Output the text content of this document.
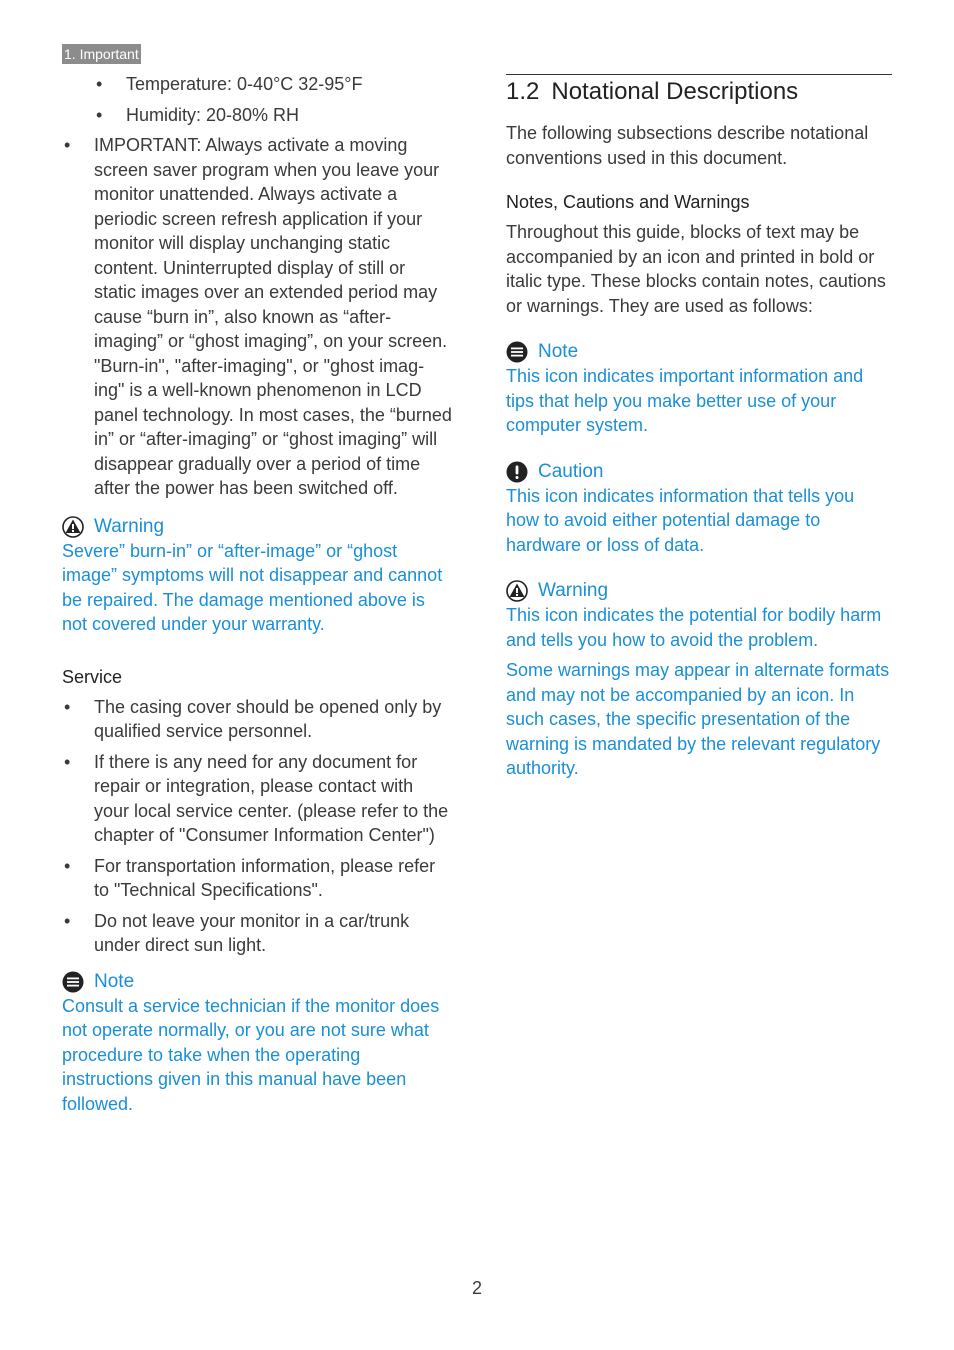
1. Important
• Temperature: 0-40°C 32-95°F
• Humidity: 20-80% RH
• IMPORTANT: Always activate a moving screen saver program when you leave your monitor unattended. Always activate a periodic screen refresh application if your monitor will display unchanging static content. Uninterrupted display of still or static images over an extended period may cause “burn in”, also known as “after-imaging” or “ghost imaging”, on your screen.
"Burn-in", "after-imaging", or "ghost imag-ing" is a well-known phenomenon in LCD panel technology. In most cases, the “burned in” or “after-imaging” or “ghost imaging” will disappear gradually over a period of time after the power has been switched off.
Warning
Severe” burn-in” or “after-image” or “ghost image” symptoms will not disappear and cannot be repaired. The damage mentioned above is not covered under your warranty.
Service
• The casing cover should be opened only by qualified service personnel.
• If there is any need for any document for repair or integration, please contact with your local service center. (please refer to the chapter of "Consumer Information Center")
• For transportation information, please refer to "Technical Specifications".
• Do not leave your monitor in a car/trunk under direct sun light.
Note
Consult a service technician if the monitor does not operate normally, or you are not sure what procedure to take when the operating instructions given in this manual have been followed.
1.2 Notational Descriptions
The following subsections describe notational conventions used in this document.
Notes, Cautions and Warnings
Throughout this guide, blocks of text may be accompanied by an icon and printed in bold or italic type. These blocks contain notes, cautions or warnings. They are used as follows:
Note
This icon indicates important information and tips that help you make better use of your computer system.
Caution
This icon indicates information that tells you how to avoid either potential damage to hardware or loss of data.
Warning
This icon indicates the potential for bodily harm and tells you how to avoid the problem.
Some warnings may appear in alternate formats and may not be accompanied by an icon. In such cases, the specific presentation of the warning is mandated by the relevant regulatory authority.
2
